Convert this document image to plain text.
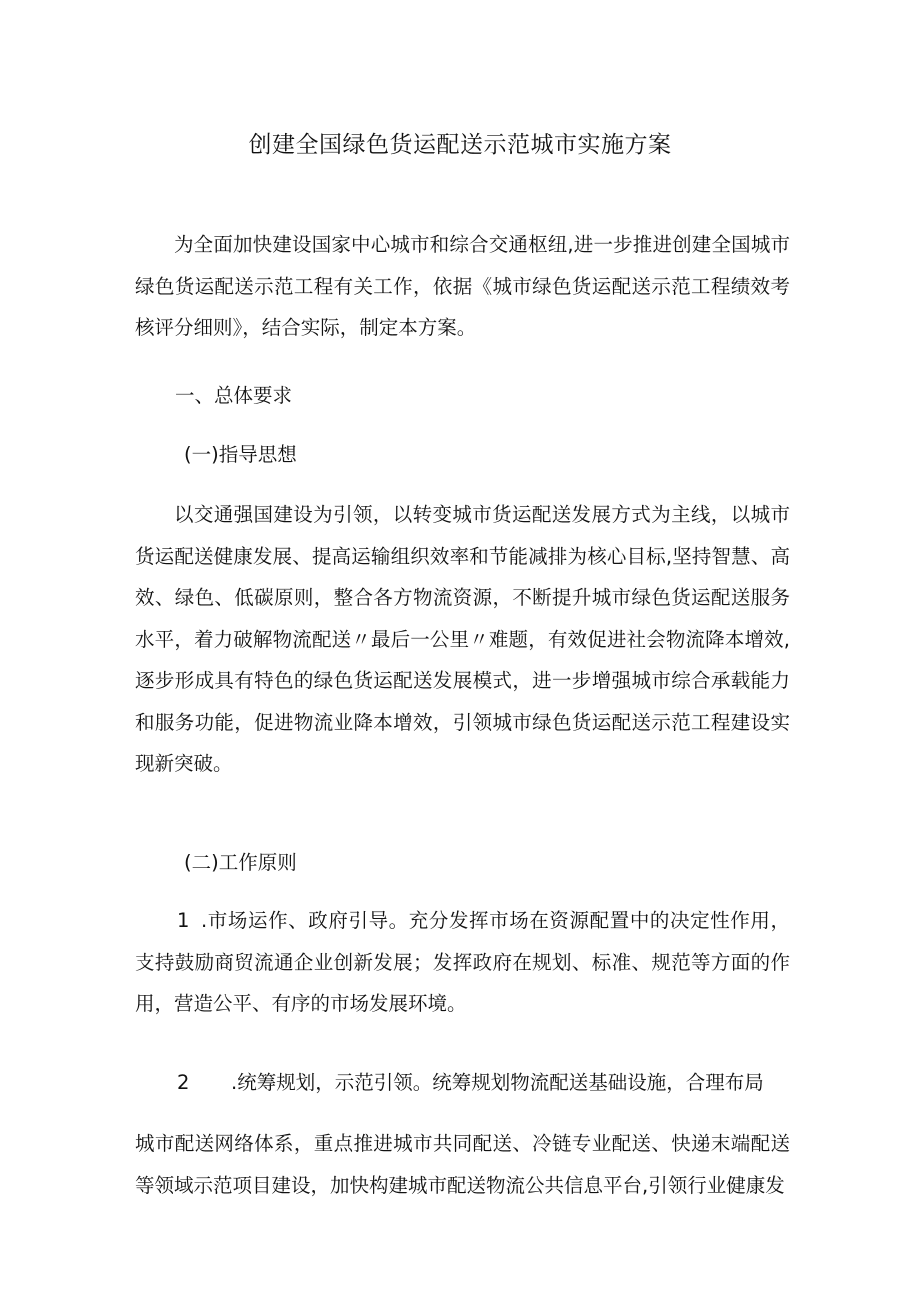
创建全国绿色货运配送示范城市实施方案

为全面加快建设国家中心城市和综合交通枢纽,进一步推进创建全国城市绿色货运配送示范工程有关工作，依据《城市绿色货运配送示范工程绩效考核评分细则》，结合实际，制定本方案。

一、总体要求
(一)指导思想

以交通强国建设为引领，以转变城市货运配送发展方式为主线，以城市货运配送健康发展、提高运输组织效率和节能减排为核心目标,坚持智慧、高效、绿色、低碳原则，整合各方物流资源，不断提升城市绿色货运配送服务水平，着力破解物流配送〃最后一公里〃难题，有效促进社会物流降本增效,逐步形成具有特色的绿色货运配送发展模式，进一步增强城市综合承载能力和服务功能，促进物流业降本增效，引领城市绿色货运配送示范工程建设实现新突破。

(二)工作原则
1 .市场运作、政府引导。充分发挥市场在资源配置中的决定性作用，支持鼓励商贸流通企业创新发展；发挥政府在规划、标准、规范等方面的作用，营造公平、有序的市场发展环境。

2 .统筹规划，示范引领。统筹规划物流配送基础设施，合理布局

城市配送网络体系，重点推进城市共同配送、冷链专业配送、快递末端配送等领域示范项目建设，加快构建城市配送物流公共信息平台,引领行业健康发
